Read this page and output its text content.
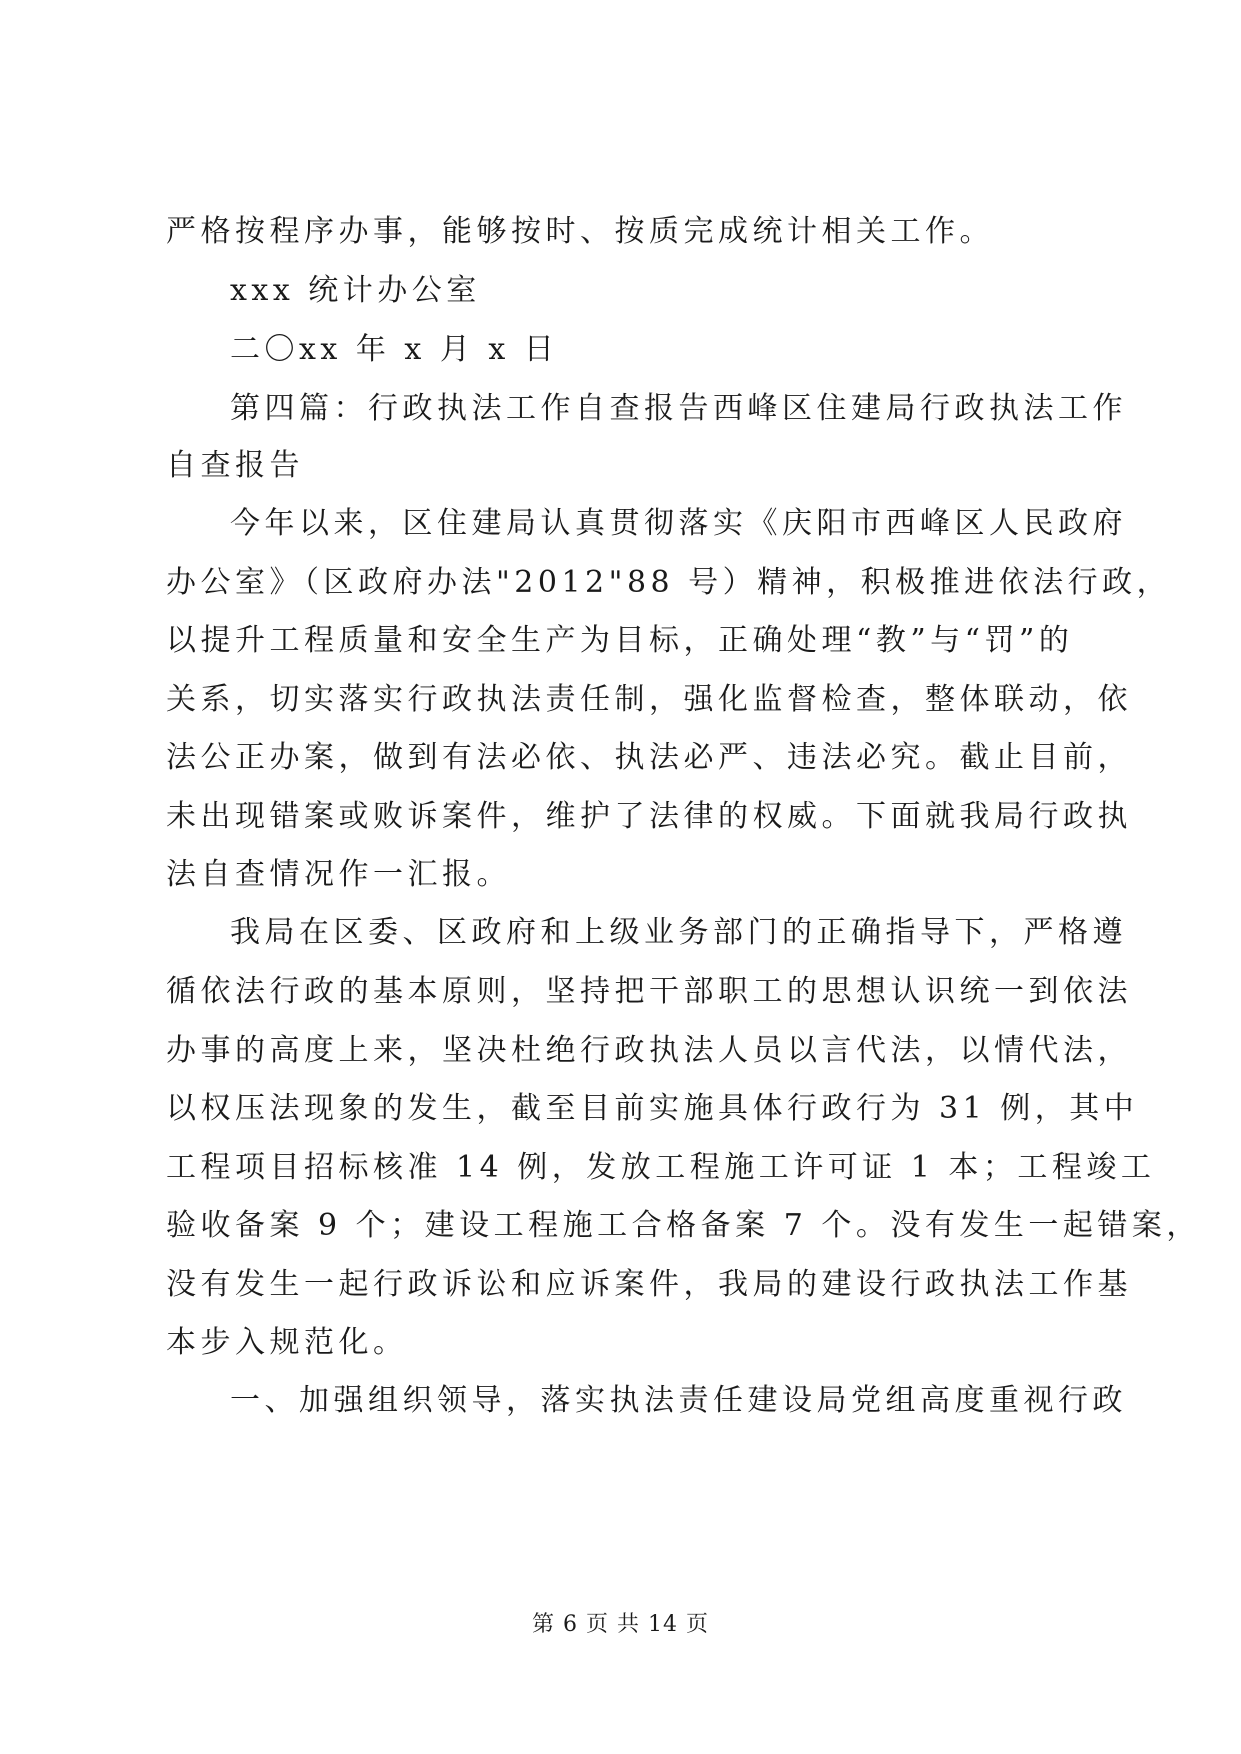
严格按程序办事，能够按时、按质完成统计相关工作。
xxx 统计办公室
二〇xx 年 x 月 x 日
第四篇：行政执法工作自查报告西峰区住建局行政执法工作
自查报告
今年以来，区住建局认真贯彻落实《庆阳市西峰区人民政府
办公室》（区政府办法"2012"88 号）精神，积极推进依法行政，
以提升工程质量和安全生产为目标，正确处理“教”与“罚”的
关系，切实落实行政执法责任制，强化监督检查，整体联动，依
法公正办案，做到有法必依、执法必严、违法必究。截止目前，
未出现错案或败诉案件，维护了法律的权威。下面就我局行政执
法自查情况作一汇报。
我局在区委、区政府和上级业务部门的正确指导下，严格遵
循依法行政的基本原则，坚持把干部职工的思想认识统一到依法
办事的高度上来，坚决杜绝行政执法人员以言代法，以情代法，
以权压法现象的发生，截至目前实施具体行政行为 31 例，其中
工程项目招标核准 14 例，发放工程施工许可证 1 本；工程竣工
验收备案 9 个；建设工程施工合格备案 7 个。没有发生一起错案，
没有发生一起行政诉讼和应诉案件，我局的建设行政执法工作基
本步入规范化。
一、加强组织领导，落实执法责任建设局党组高度重视行政
第 6 页 共 14 页
